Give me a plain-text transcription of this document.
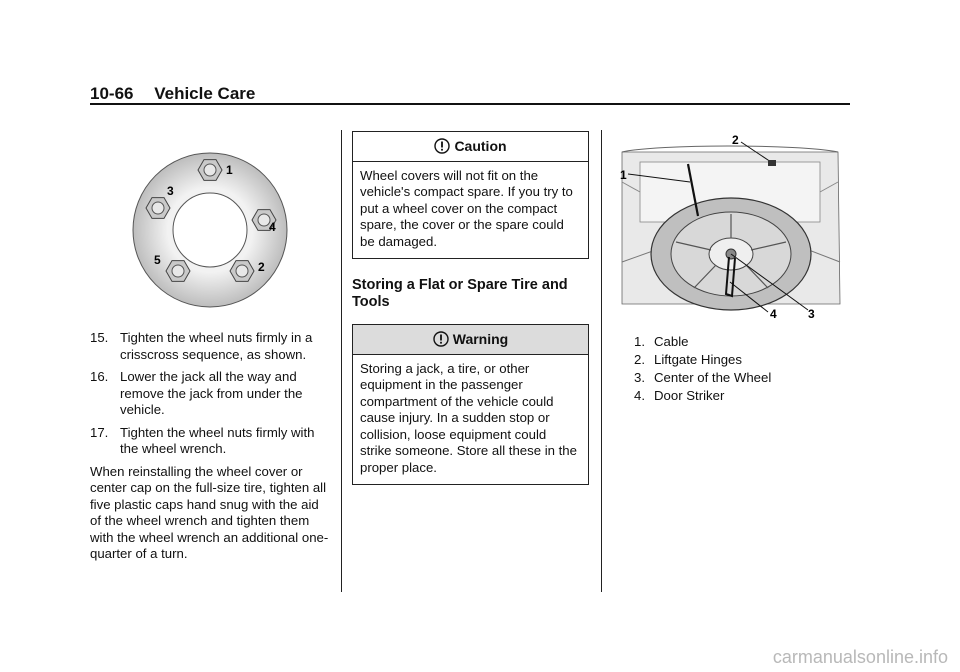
10-66 Vehicle Care
1
2
3
4
5
15. Tighten the wheel nuts firmly in a crisscross sequence, as shown.
16. Lower the jack all the way and remove the jack from under the vehicle.
17. Tighten the wheel nuts firmly with the wheel wrench.
When reinstalling the wheel cover or center cap on the full-size tire, tighten all five plastic caps hand snug with the aid of the wheel wrench and tighten them with the wheel wrench an additional one-quarter of a turn.
Caution
Wheel covers will not fit on the vehicle's compact spare. If you try to put a wheel cover on the compact spare, the cover or the spare could be damaged.
Storing a Flat or Spare Tire and Tools
Warning
Storing a jack, a tire, or other equipment in the passenger compartment of the vehicle could cause injury. In a sudden stop or collision, loose equipment could strike someone. Store all these in the proper place.
1
2
3
4
1. Cable
2. Liftgate Hinges
3. Center of the Wheel
4. Door Striker
carmanualsonline.info
